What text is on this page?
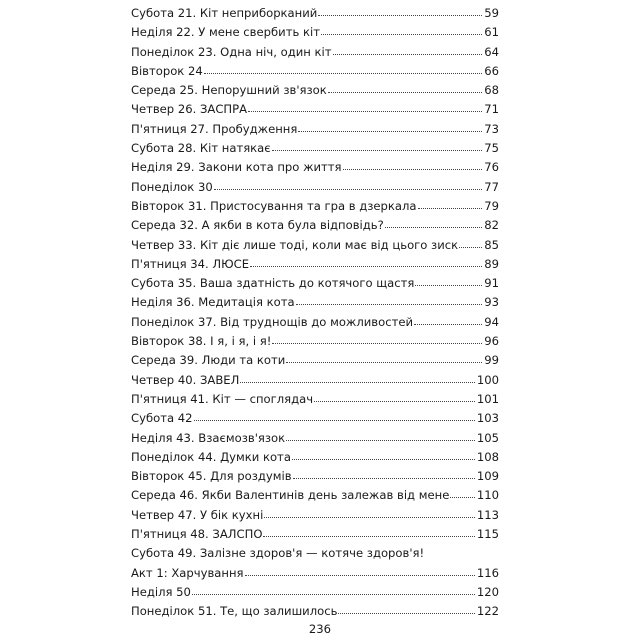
Субота 21. Кіт неприборканий	59
Неділя 22. У мене свербить кіт	61
Понеділок 23. Одна ніч, один кіт	64
Вівторок 24	66
Середа 25. Непорушний зв'язок	68
Четвер 26. ЗАСПРА	71
П'ятниця 27. Пробудження	73
Субота 28. Кіт натякає	75
Неділя 29. Закони кота про життя	76
Понеділок 30	77
Вівторок 31. Пристосування та гра в дзеркала	79
Середа 32. А якби в кота була відповідь?	82
Четвер 33. Кіт діє лише тоді, коли має від цього зиск 85
П'ятниця 34. ЛЮСЕ	89
Субота 35. Ваша здатність до котячого щастя	91
Неділя 36. Медитація кота	93
Понеділок 37. Від труднощів до можливостей	94
Вівторок 38. І я, і я, і я!	96
Середа 39. Люди та коти	99
Четвер 40. ЗАВЕЛ	100
П'ятниця 41. Кіт — споглядач	101
Субота 42	103
Неділя 43. Взаємозв'язок	105
Понеділок 44. Думки кота	108
Вівторок 45. Для роздумів	109
Середа 46. Якби Валентинів день залежав від мене 110
Четвер 47. У бік кухні	113
П'ятниця 48. ЗАЛСПО	115
Субота 49. Залізне здоров'я — котяче здоров'я!
Акт 1: Харчування	116
Неділя 50	120
Понеділок 51. Те, що залишилось	122
236
